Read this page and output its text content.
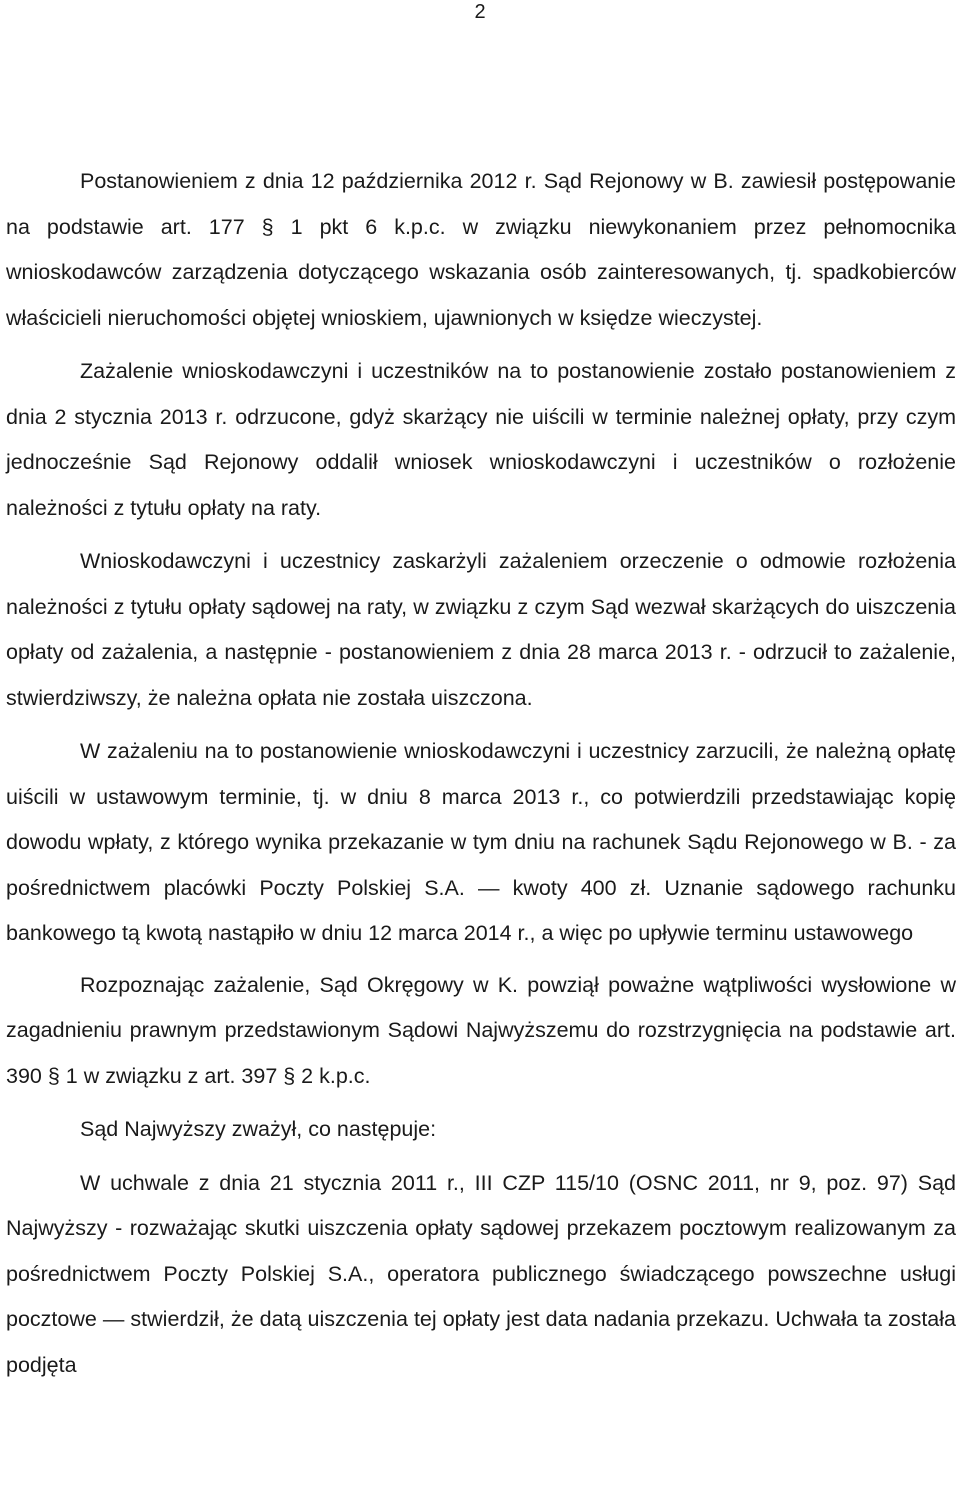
2

Postanowieniem z dnia 12 października 2012 r. Sąd Rejonowy w B. zawiesił postępowanie na podstawie art. 177 § 1 pkt 6 k.p.c. w związku niewykonaniem przez pełnomocnika wnioskodawców zarządzenia dotyczącego wskazania osób zainteresowanych, tj. spadkobierców właścicieli nieruchomości objętej wnioskiem, ujawnionych w księdze wieczystej.

Zażalenie wnioskodawczyni i uczestników na to postanowienie zostało postanowieniem z dnia 2 stycznia 2013 r. odrzucone, gdyż skarżący nie uiścili w terminie należnej opłaty, przy czym jednocześnie Sąd Rejonowy oddalił wniosek wnioskodawczyni i uczestników o rozłożenie należności z tytułu opłaty na raty.

Wnioskodawczyni i uczestnicy zaskarżyli zażaleniem orzeczenie o odmowie rozłożenia należności z tytułu opłaty sądowej na raty, w związku z czym Sąd wezwał skarżących do uiszczenia opłaty od zażalenia, a następnie - postanowieniem z dnia 28 marca 2013 r. - odrzucił to zażalenie, stwierdziwszy, że należna opłata nie została uiszczona.

W zażaleniu na to postanowienie wnioskodawczyni i uczestnicy zarzucili, że należną opłatę uiścili w ustawowym terminie, tj. w dniu 8 marca 2013 r., co potwierdzili przedstawiając kopię dowodu wpłaty, z którego wynika przekazanie w tym dniu na rachunek Sądu Rejonowego w B. - za pośrednictwem placówki Poczty Polskiej S.A. — kwoty 400 zł. Uznanie sądowego rachunku bankowego tą kwotą nastąpiło w dniu 12 marca 2014 r., a więc po upływie terminu ustawowego

Rozpoznając zażalenie, Sąd Okręgowy w K. powziął poważne wątpliwości wysłowione w zagadnieniu prawnym przedstawionym Sądowi Najwyższemu do rozstrzygnięcia na podstawie art. 390 § 1 w związku z art. 397 § 2 k.p.c.

Sąd Najwyższy zważył, co następuje:

W uchwale z dnia 21 stycznia 2011 r., III CZP 115/10 (OSNC 2011, nr 9, poz. 97) Sąd Najwyższy - rozważając skutki uiszczenia opłaty sądowej przekazem pocztowym realizowanym za pośrednictwem Poczty Polskiej S.A., operatora publicznego świadczącego powszechne usługi pocztowe — stwierdził, że datą uiszczenia tej opłaty jest data nadania przekazu. Uchwała ta została podjęta
